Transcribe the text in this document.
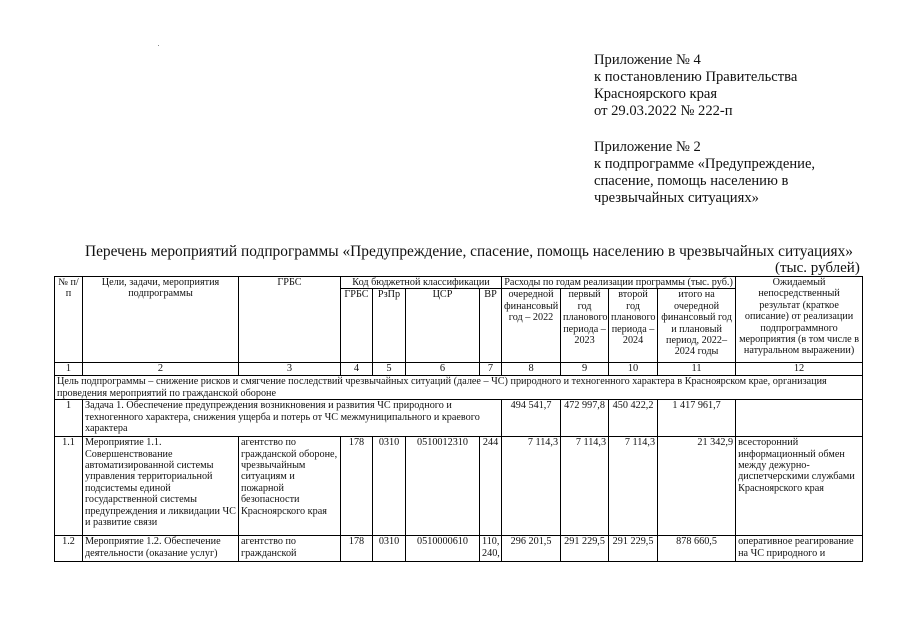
Приложение № 4
к постановлению Правительства
Красноярского края
от 29.03.2022 № 222-п
Приложение № 2
к подпрограмме «Предупреждение,
спасение, помощь населению в
чрезвычайных ситуациях»
Перечень мероприятий подпрограммы «Предупреждение, спасение, помощь населению в чрезвычайных ситуациях»
(тыс. рублей)
№ п/п	Цели, задачи, мероприятия подпрограммы	ГРБС	Код бюджетной классификации				Расходы по годам реализации программы (тыс. руб.)				Ожидаемый непосредственный результат (краткое описание) от реализации подпрограммного мероприятия (в том числе в натуральном выражении)
			ГРБС	РзПр	ЦСР	ВР	очередной финансовый год – 2022	первый год планового периода – 2023	второй год планового периода – 2024	итого на очередной финансовый год и плановый период, 2022–2024 годы	
1	2	3	4	5	6	7	8	9	10	11	12
Цель подпрограммы – снижение рисков и смягчение последствий чрезвычайных ситуаций (далее – ЧС) природного и техногенного характера в Красноярском крае, организация проведения мероприятий по гражданской обороне											
1	Задача 1. Обеспечение предупреждения возникновения и развития ЧС природного и техногенного характера, снижения ущерба и потерь от ЧС межмуниципального и краевого характера						494 541,7	472 997,8	450 422,2	1 417 961,7	
1.1	Мероприятие 1.1. Совершенствование автоматизированной системы управления территориальной подсистемы единой государственной системы предупреждения и ликвидации ЧС и развитие связи	агентство по гражданской обороне, чрезвычайным ситуациям и пожарной безопасности Красноярского края	178	0310	0510012310	244	7 114,3	7 114,3	7 114,3	21 342,9	всесторонний информационный обмен между дежурно-диспетчерскими службами Красноярского края
1.2	Мероприятие 1.2. Обеспечение деятельности (оказание услуг)	агентство по гражданской	178	0310	0510000610	110, 240,	296 201,5	291 229,5	291 229,5	878 660,5	оперативное реагирование на ЧС природного и
